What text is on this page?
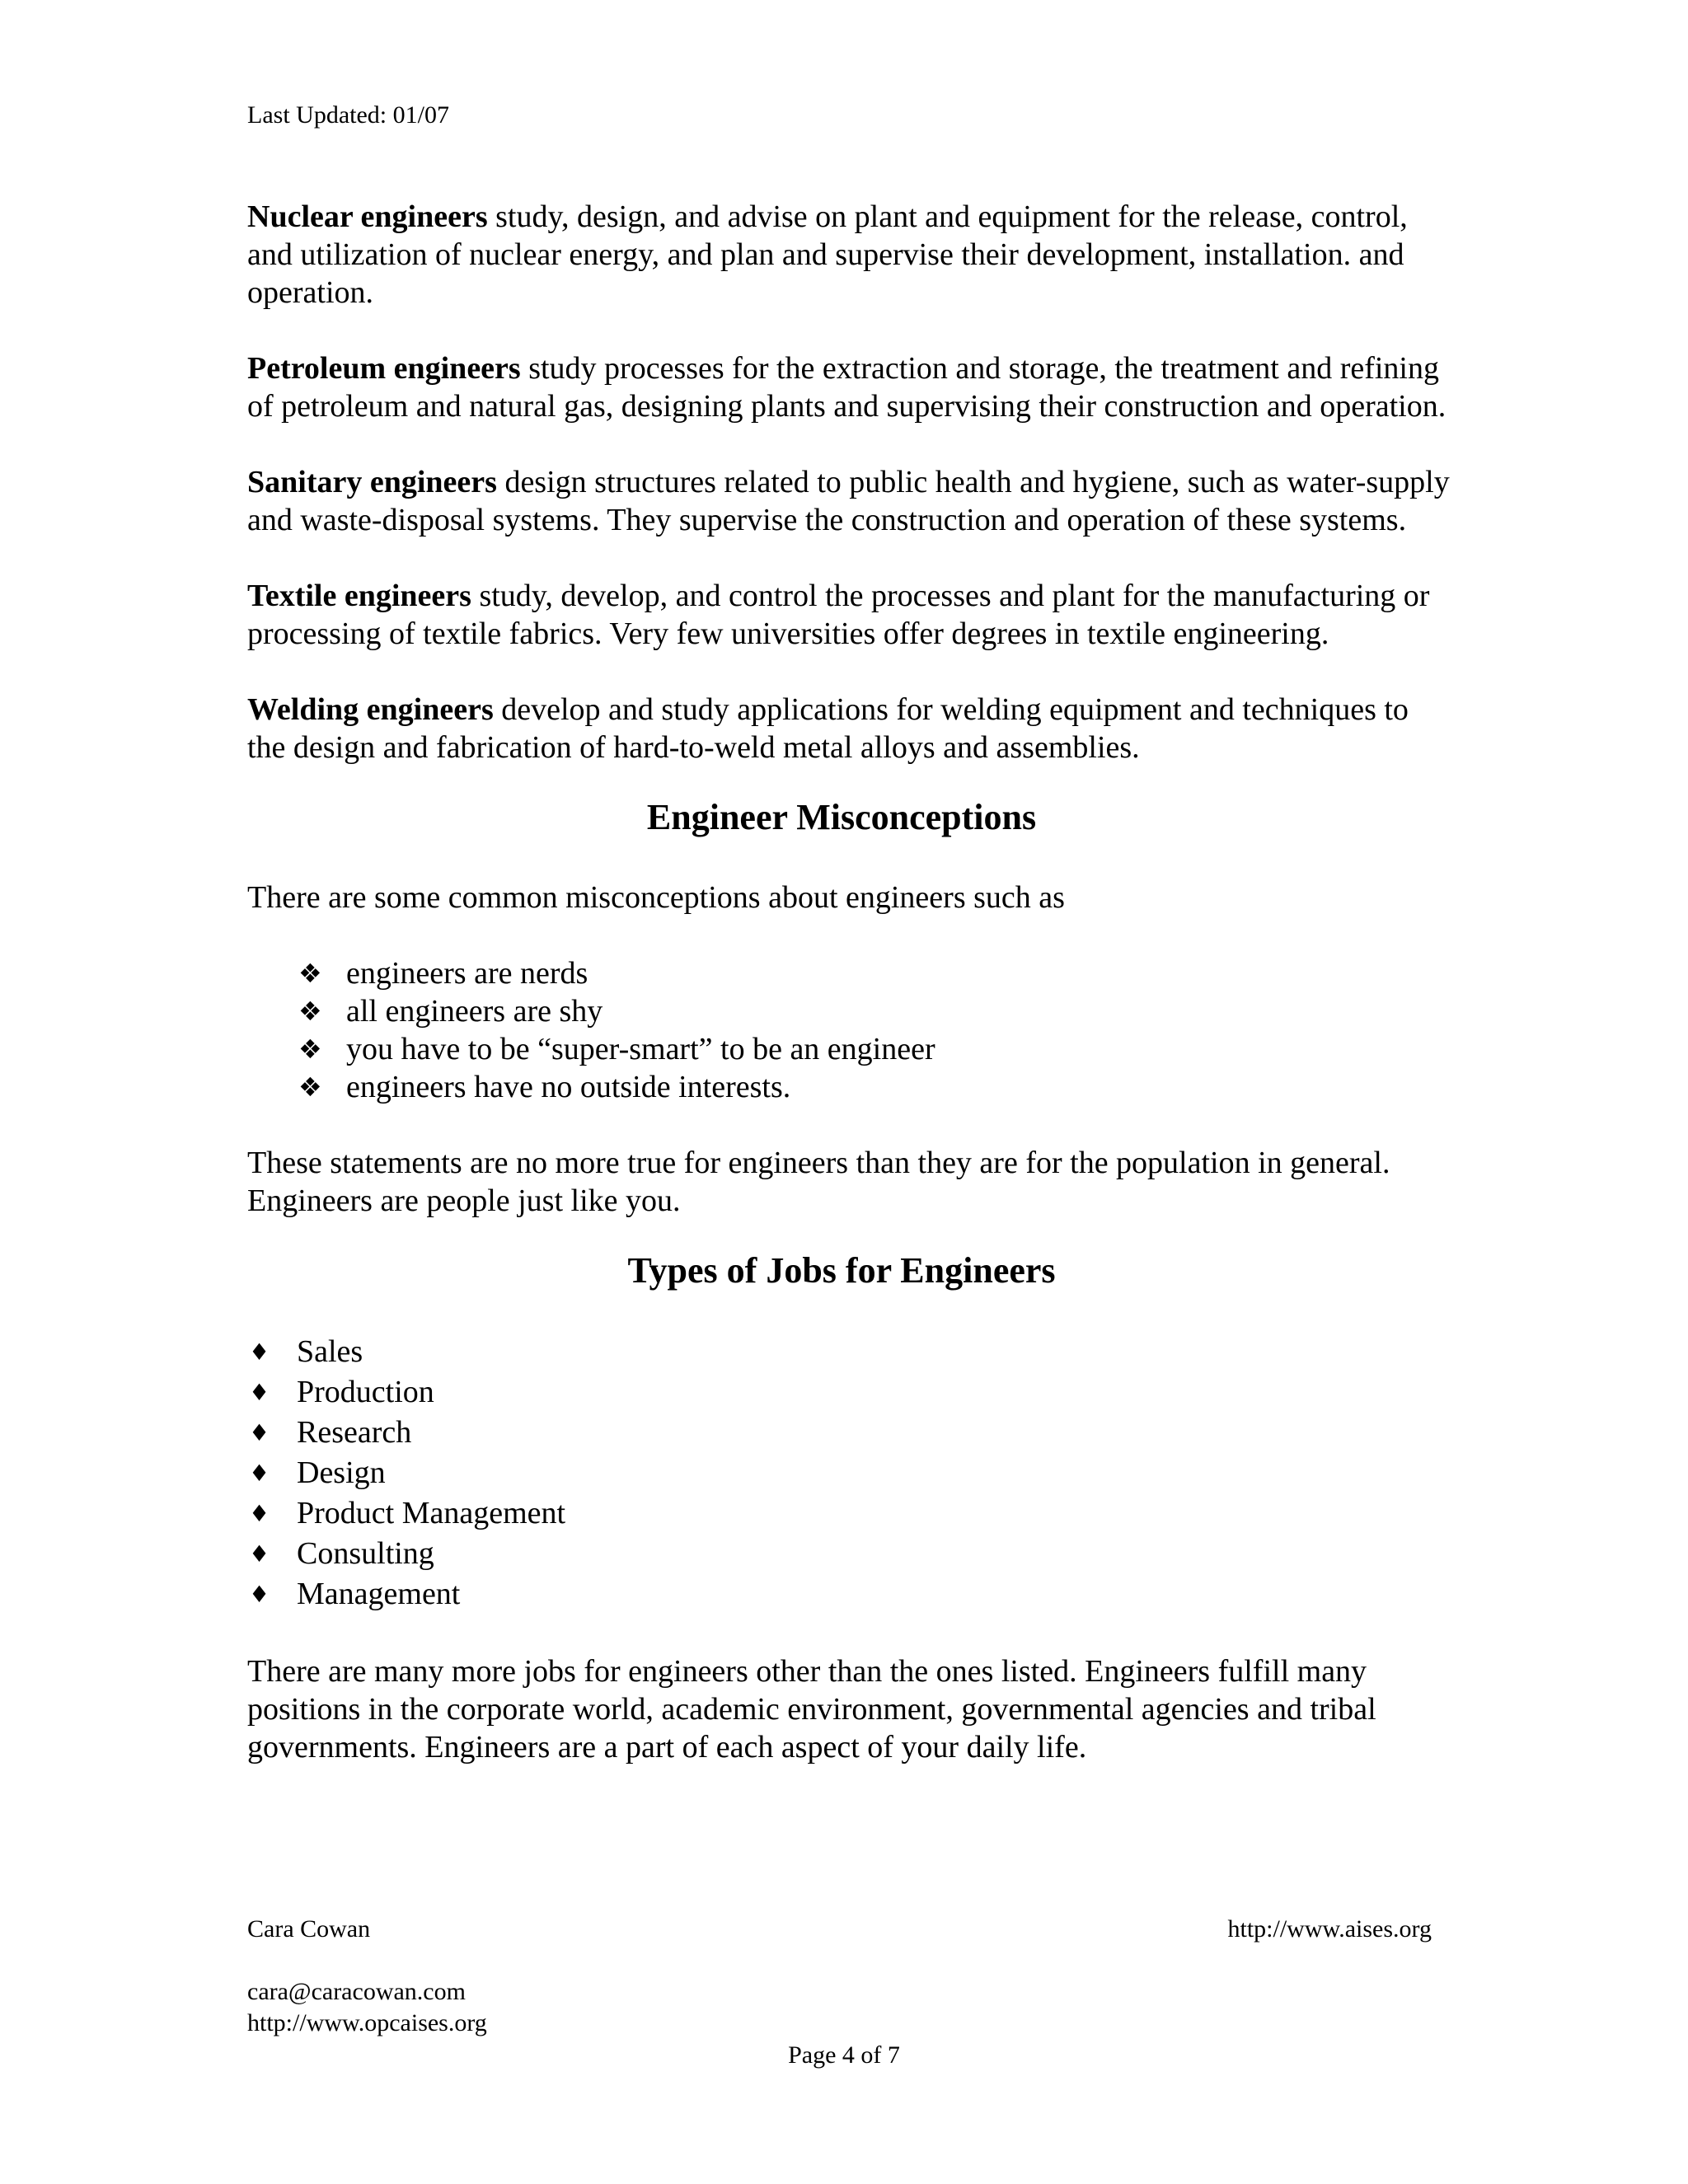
Last Updated: 01/07

Nuclear engineers study, design, and advise on plant and equipment for the release, control, and utilization of nuclear energy, and plan and supervise their development, installation. and operation.

Petroleum engineers study processes for the extraction and storage, the treatment and refining of petroleum and natural gas, designing plants and supervising their construction and operation.

Sanitary engineers design structures related to public health and hygiene, such as water-supply and waste-disposal systems. They supervise the construction and operation of these systems.

Textile engineers study, develop, and control the processes and plant for the manufacturing or processing of textile fabrics. Very few universities offer degrees in textile engineering.

Welding engineers develop and study applications for welding equipment and techniques to the design and fabrication of hard-to-weld metal alloys and assemblies.

Engineer Misconceptions

There are some common misconceptions about engineers such as

❖ engineers are nerds
❖ all engineers are shy
❖ you have to be “super-smart” to be an engineer
❖ engineers have no outside interests.

These statements are no more true for engineers than they are for the population in general. Engineers are people just like you.

Types of Jobs for Engineers
♦ Sales
♦ Production
♦ Research
♦ Design
♦ Product Management
♦ Consulting
♦ Management

There are many more jobs for engineers other than the ones listed. Engineers fulfill many positions in the corporate world, academic environment, governmental agencies and tribal governments. Engineers are a part of each aspect of your daily life.

Cara Cowan
cara@caracowan.com
http://www.opcaises.org
http://www.aises.org
Page 4 of 7
